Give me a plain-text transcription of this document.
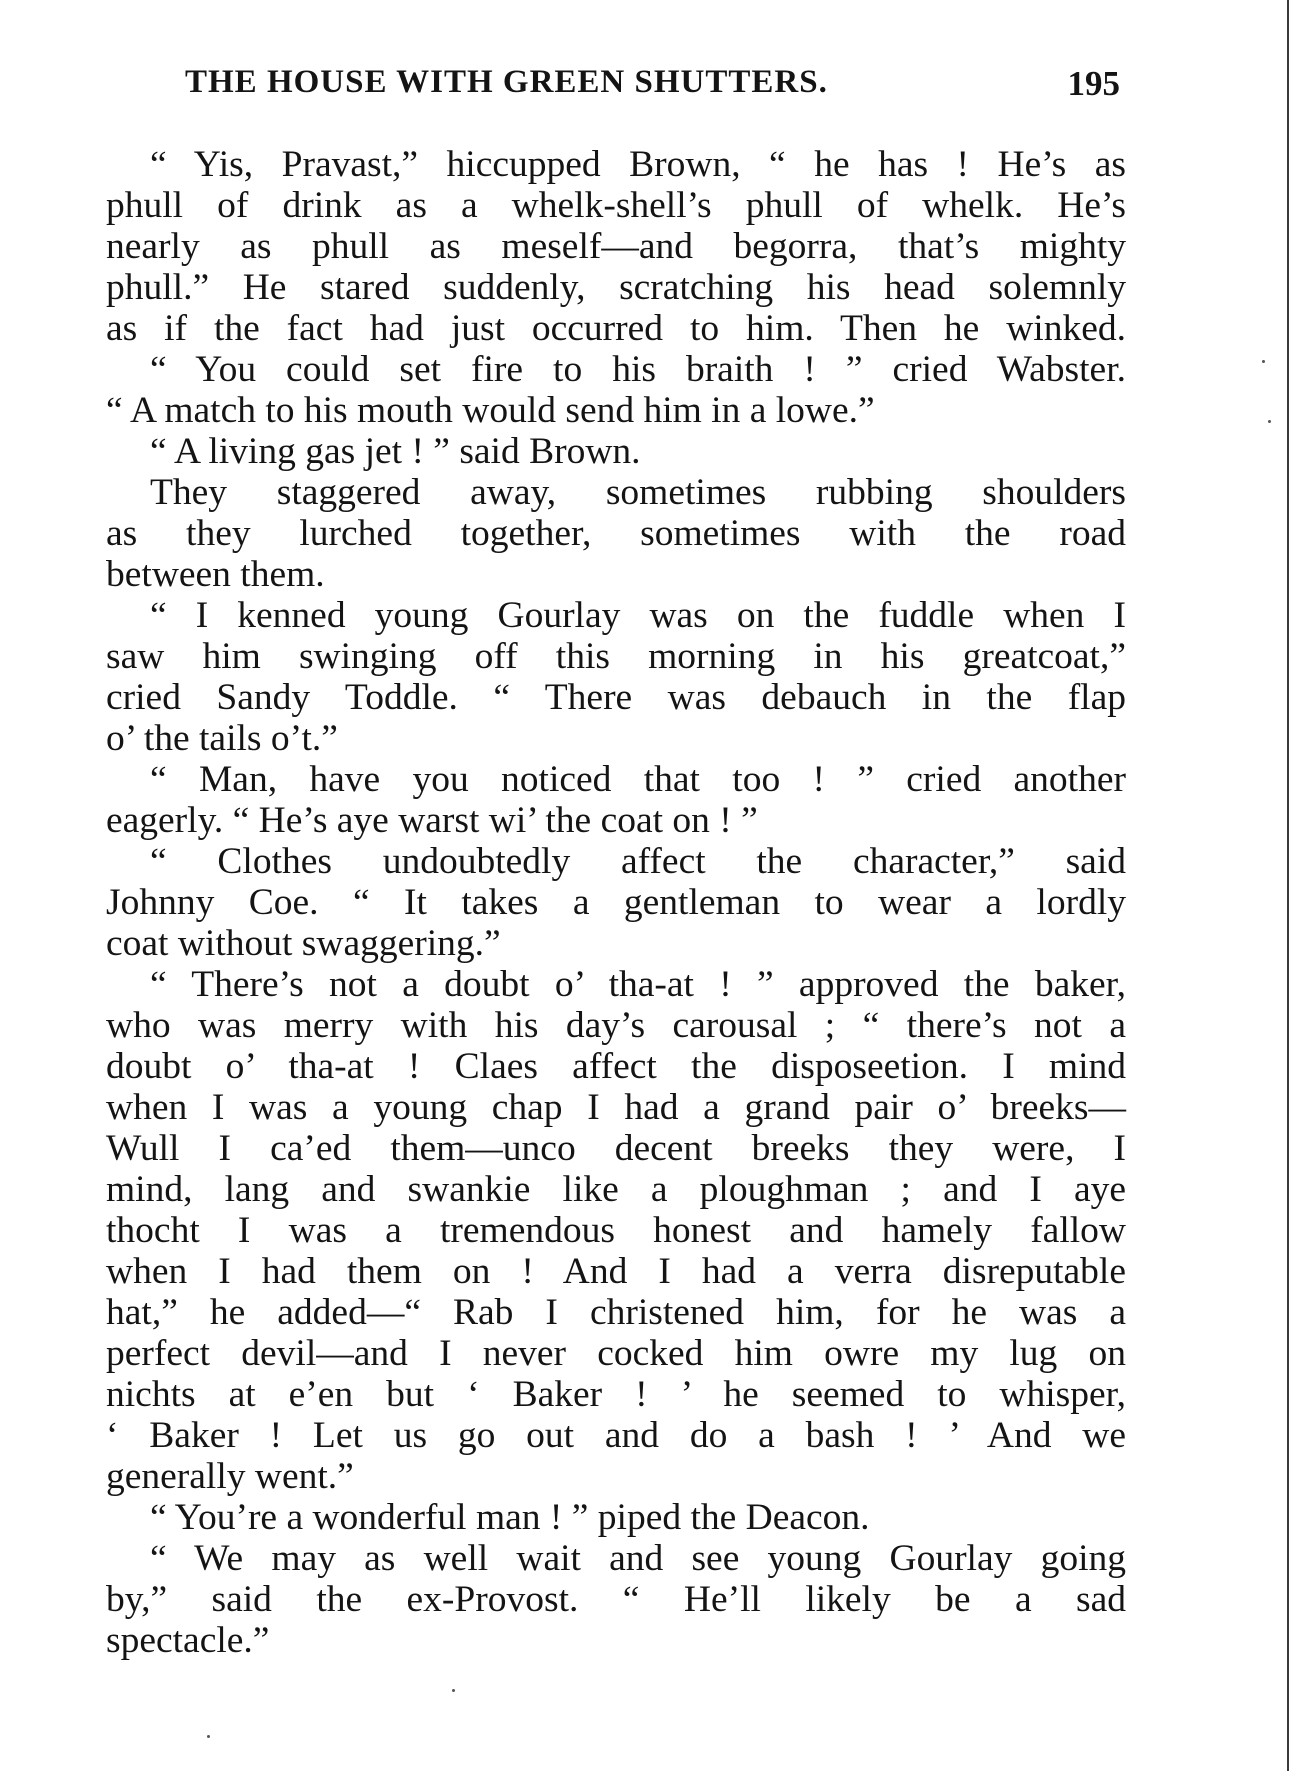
THE HOUSE WITH GREEN SHUTTERS.	195
“ Yis, Pravast,” hiccupped Brown, “ he has ! He’s as
phull of drink as a whelk-shell’s phull of whelk. He’s
nearly as phull as meself—and begorra, that’s mighty
phull.” He stared suddenly, scratching his head solemnly
as if the fact had just occurred to him. Then he winked.
“ You could set fire to his braith ! ” cried Wabster.
“ A match to his mouth would send him in a lowe.”
“ A living gas jet ! ” said Brown.
They staggered away, sometimes rubbing shoulders
as they lurched together, sometimes with the road
between them.
“ I kenned young Gourlay was on the fuddle when I
saw him swinging off this morning in his greatcoat,”
cried Sandy Toddle. “ There was debauch in the flap
o’ the tails o’t.”
“ Man, have you noticed that too ! ” cried another
eagerly. “ He’s aye warst wi’ the coat on ! ”
“ Clothes undoubtedly affect the character,” said
Johnny Coe. “ It takes a gentleman to wear a lordly
coat without swaggering.”
“ There’s not a doubt o’ tha-at ! ” approved the baker,
who was merry with his day’s carousal ; “ there’s not a
doubt o’ tha-at ! Claes affect the disposeetion. I mind
when I was a young chap I had a grand pair o’ breeks—
Wull I ca’ed them—unco decent breeks they were, I
mind, lang and swankie like a ploughman ; and I aye
thocht I was a tremendous honest and hamely fallow
when I had them on ! And I had a verra disreputable
hat,” he added—“ Rab I christened him, for he was a
perfect devil—and I never cocked him owre my lug on
nichts at e’en but ‘ Baker ! ’ he seemed to whisper,
‘ Baker ! Let us go out and do a bash ! ’ And we
generally went.”
“ You’re a wonderful man ! ” piped the Deacon.
“ We may as well wait and see young Gourlay going
by,” said the ex-Provost. “ He’ll likely be a sad
spectacle.”
